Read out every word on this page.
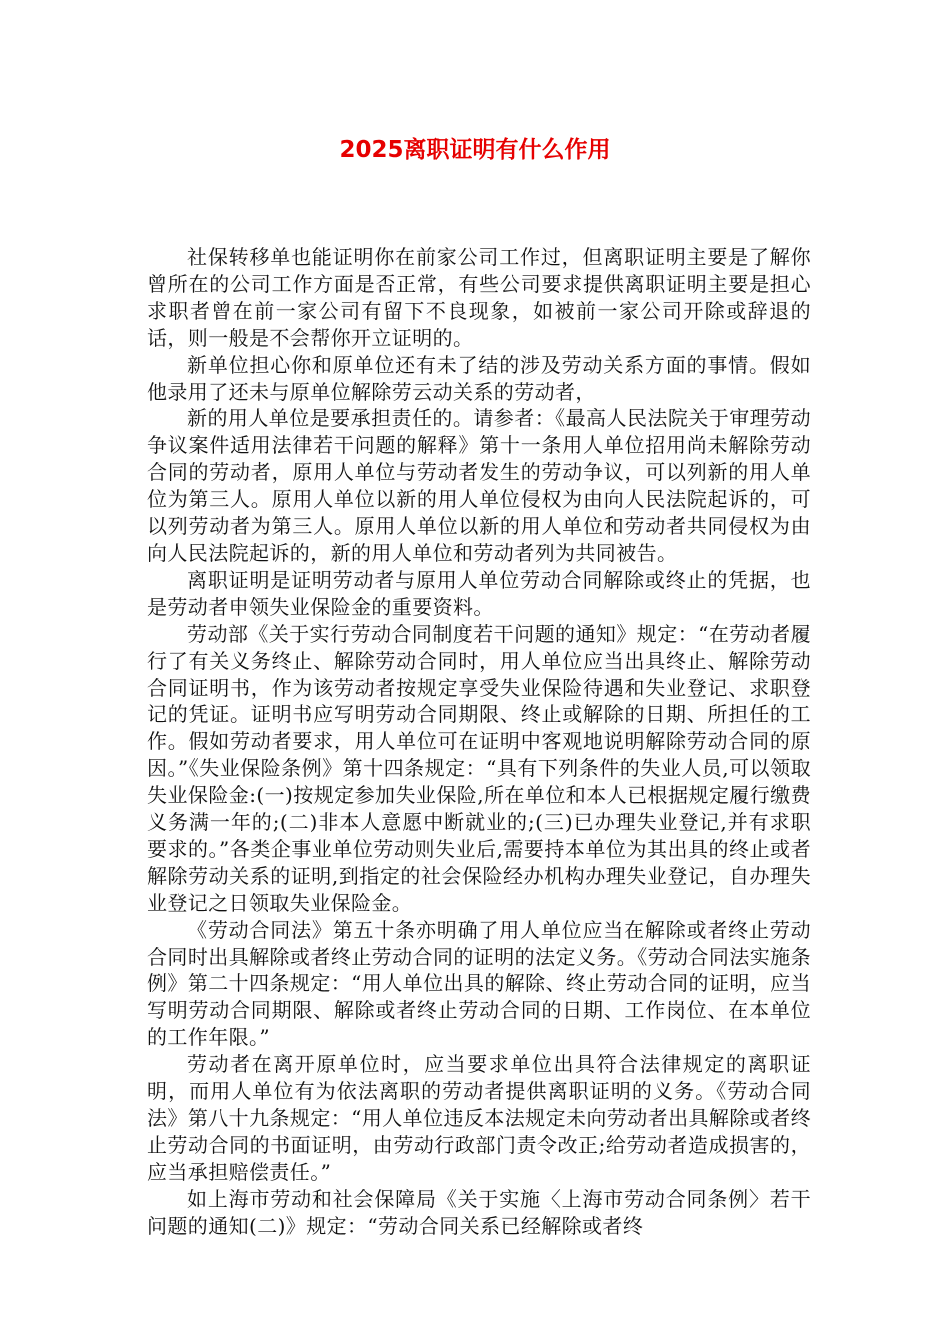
2025离职证明有什么作用

社保转移单也能证明你在前家公司工作过，但离职证明主要是了解你曾所在的公司工作方面是否正常，有些公司要求提供离职证明主要是担心求职者曾在前一家公司有留下不良现象，如被前一家公司开除或辞退的话，则一般是不会帮你开立证明的。

新单位担心你和原单位还有未了结的涉及劳动关系方面的事情。假如他录用了还未与原单位解除劳云动关系的劳动者，

新的用人单位是要承担责任的。请参者：《最高人民法院关于审理劳动争议案件适用法律若干问题的解释》第十一条用人单位招用尚未解除劳动合同的劳动者，原用人单位与劳动者发生的劳动争议，可以列新的用人单位为第三人。原用人单位以新的用人单位侵权为由向人民法院起诉的，可以列劳动者为第三人。原用人单位以新的用人单位和劳动者共同侵权为由向人民法院起诉的，新的用人单位和劳动者列为共同被告。

离职证明是证明劳动者与原用人单位劳动合同解除或终止的凭据，也是劳动者申领失业保险金的重要资料。

劳动部《关于实行劳动合同制度若干问题的通知》规定：“在劳动者履行了有关义务终止、解除劳动合同时，用人单位应当出具终止、解除劳动合同证明书，作为该劳动者按规定享受失业保险待遇和失业登记、求职登记的凭证。证明书应写明劳动合同期限、终止或解除的日期、所担任的工作。假如劳动者要求，用人单位可在证明中客观地说明解除劳动合同的原因。”《失业保险条例》第十四条规定：“具有下列条件的失业人员,可以领取失业保险金:(一)按规定参加失业保险,所在单位和本人已根据规定履行缴费义务满一年的;(二)非本人意愿中断就业的;(三)已办理失业登记,并有求职要求的。”各类企事业单位劳动则失业后,需要持本单位为其出具的终止或者解除劳动关系的证明,到指定的社会保险经办机构办理失业登记，自办理失业登记之日领取失业保险金。

《劳动合同法》第五十条亦明确了用人单位应当在解除或者终止劳动合同时出具解除或者终止劳动合同的证明的法定义务。《劳动合同法实施条例》第二十四条规定：“用人单位出具的解除、终止劳动合同的证明，应当写明劳动合同期限、解除或者终止劳动合同的日期、工作岗位、在本单位的工作年限。”

劳动者在离开原单位时，应当要求单位出具符合法律规定的离职证明，而用人单位有为依法离职的劳动者提供离职证明的义务。《劳动合同法》第八十九条规定：“用人单位违反本法规定未向劳动者出具解除或者终止劳动合同的书面证明，由劳动行政部门责令改正;给劳动者造成损害的，应当承担赔偿责任。”

如上海市劳动和社会保障局《关于实施〈上海市劳动合同条例〉若干问题的通知(二)》规定：“劳动合同关系已经解除或者终
